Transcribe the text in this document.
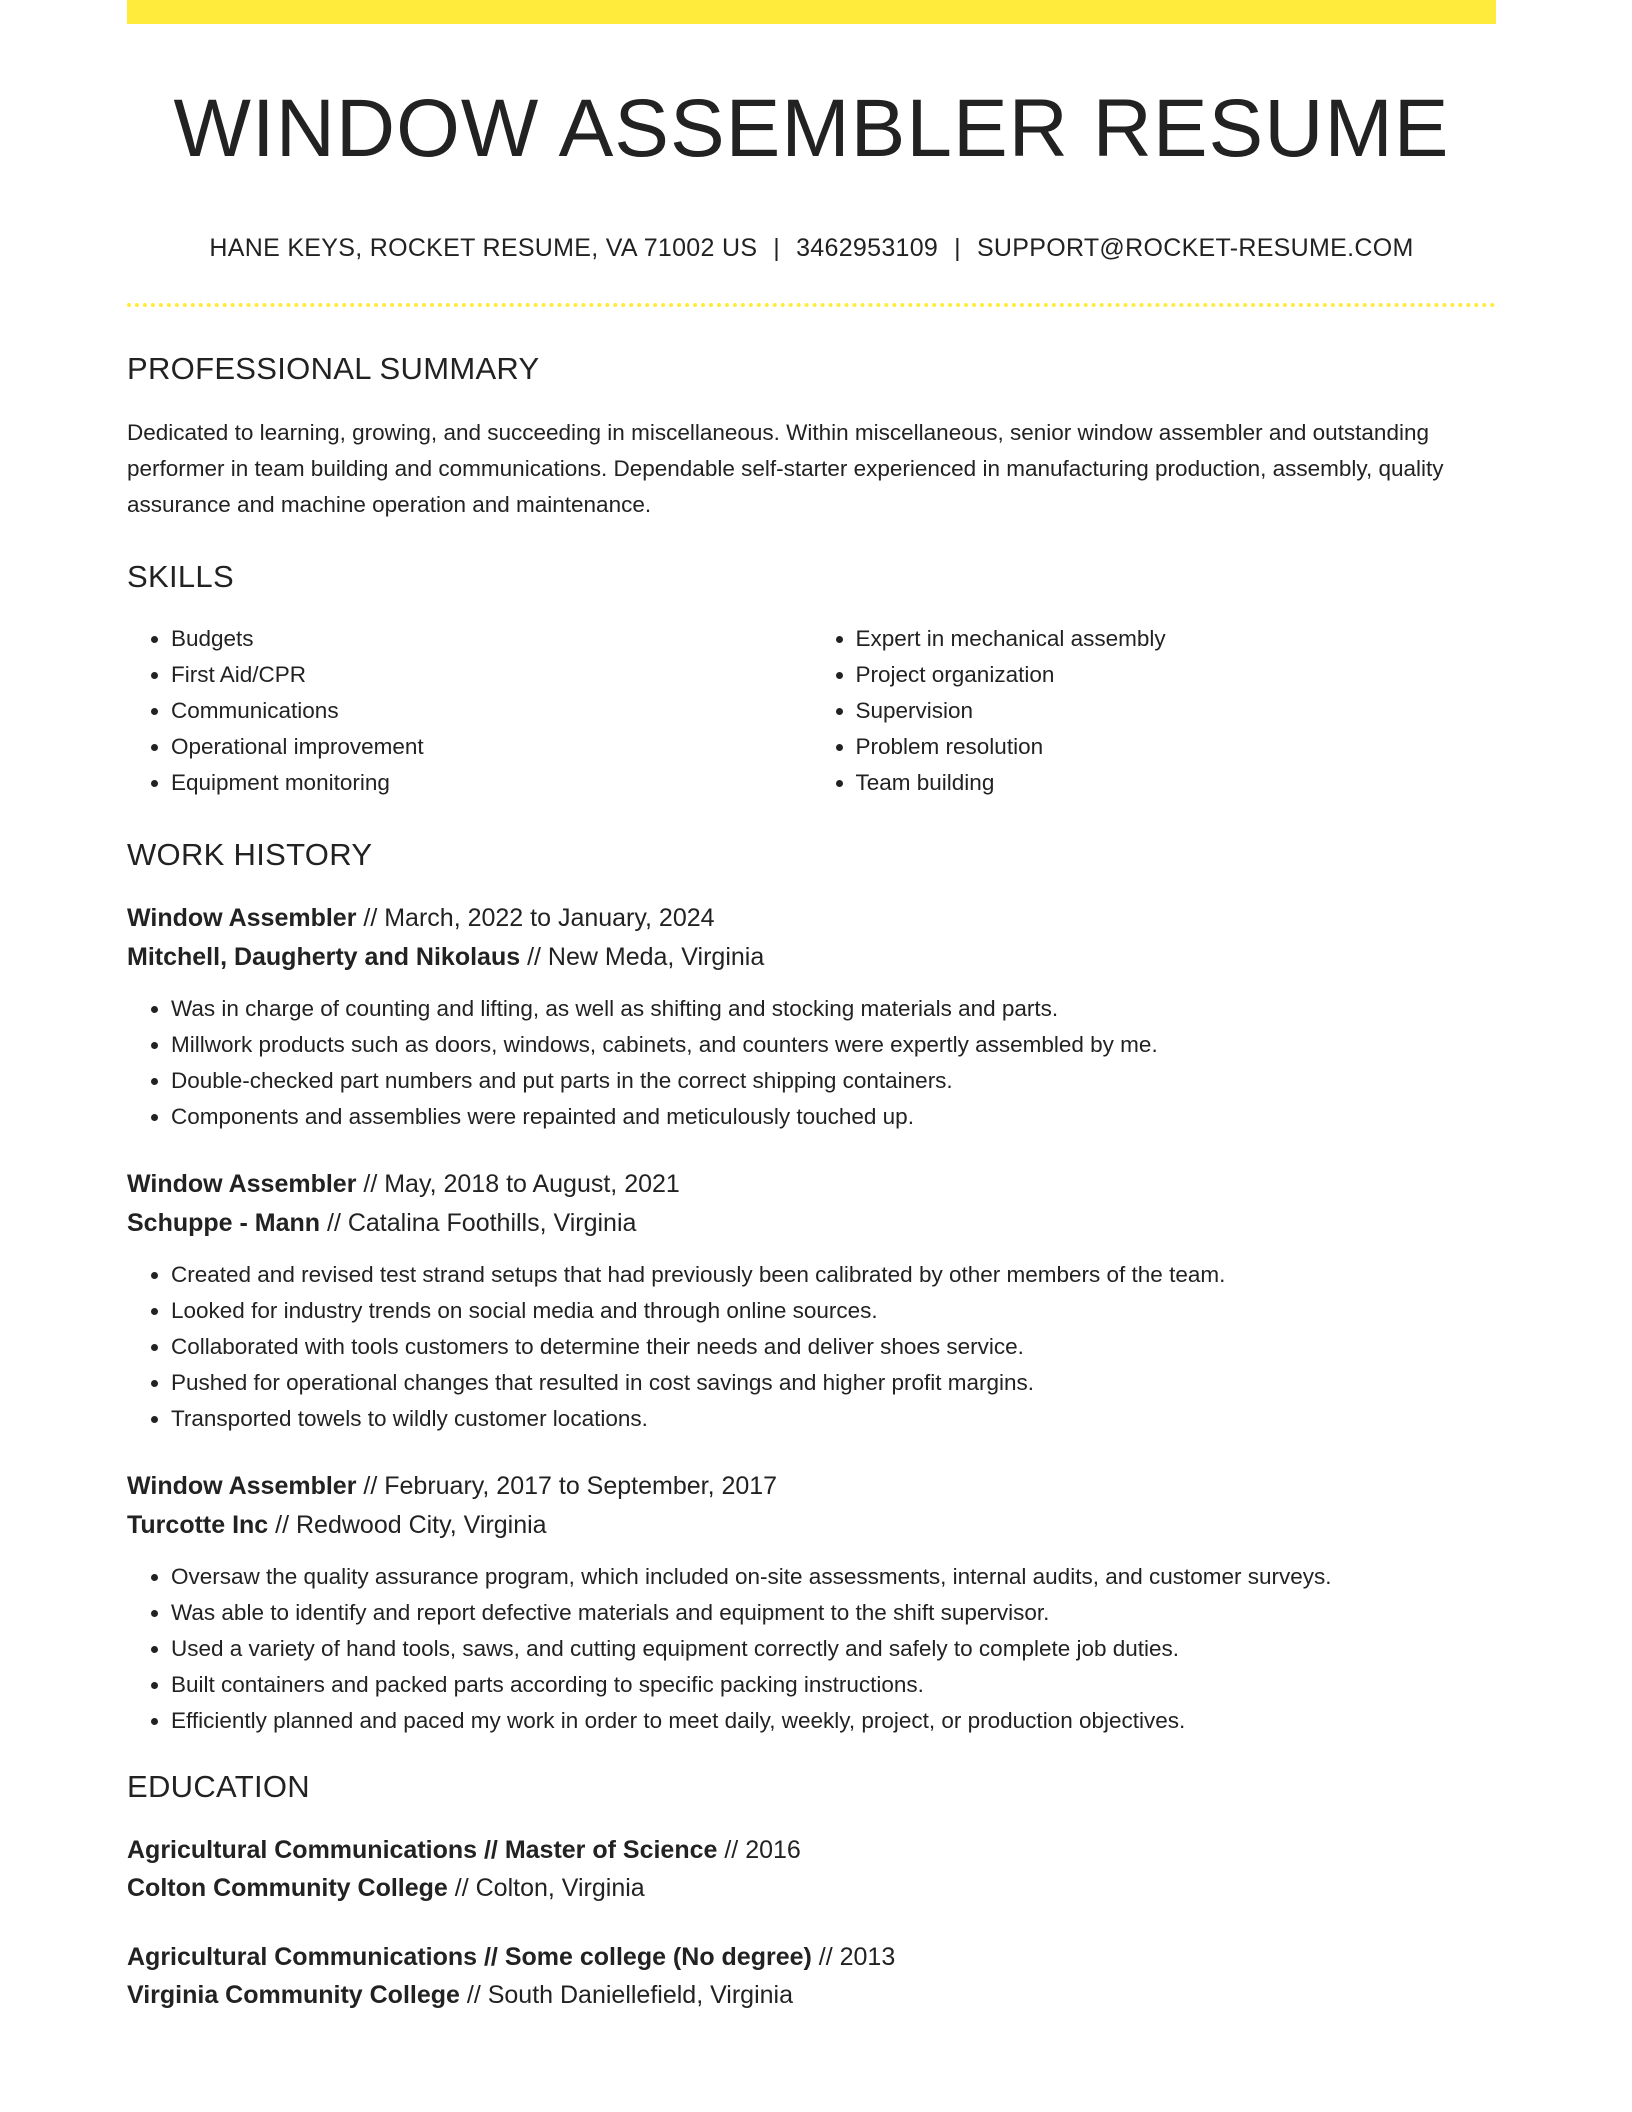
WINDOW ASSEMBLER RESUME
HANE KEYS, ROCKET RESUME, VA 71002 US | 3462953109 | SUPPORT@ROCKET-RESUME.COM
PROFESSIONAL SUMMARY

Dedicated to learning, growing, and succeeding in miscellaneous. Within miscellaneous, senior window assembler and outstanding performer in team building and communications. Dependable self-starter experienced in manufacturing production, assembly, quality assurance and machine operation and maintenance.

SKILLS
• Budgets
• First Aid/CPR
• Communications
• Operational improvement
• Equipment monitoring
• Expert in mechanical assembly
• Project organization
• Supervision
• Problem resolution
• Team building
WORK HISTORY
Window Assembler // March, 2022 to January, 2024
Mitchell, Daugherty and Nikolaus // New Meda, Virginia
• Was in charge of counting and lifting, as well as shifting and stocking materials and parts.
• Millwork products such as doors, windows, cabinets, and counters were expertly assembled by me.
• Double-checked part numbers and put parts in the correct shipping containers.
• Components and assemblies were repainted and meticulously touched up.
Window Assembler // May, 2018 to August, 2021
Schuppe - Mann // Catalina Foothills, Virginia
• Created and revised test strand setups that had previously been calibrated by other members of the team.
• Looked for industry trends on social media and through online sources.
• Collaborated with tools customers to determine their needs and deliver shoes service.
• Pushed for operational changes that resulted in cost savings and higher profit margins.
• Transported towels to wildly customer locations.
Window Assembler // February, 2017 to September, 2017
Turcotte Inc // Redwood City, Virginia
• Oversaw the quality assurance program, which included on-site assessments, internal audits, and customer surveys.
• Was able to identify and report defective materials and equipment to the shift supervisor.
• Used a variety of hand tools, saws, and cutting equipment correctly and safely to complete job duties.
• Built containers and packed parts according to specific packing instructions.
• Efficiently planned and paced my work in order to meet daily, weekly, project, or production objectives.
EDUCATION
Agricultural Communications // Master of Science // 2016
Colton Community College // Colton, Virginia
Agricultural Communications // Some college (No degree) // 2013
Virginia Community College // South Daniellefield, Virginia
